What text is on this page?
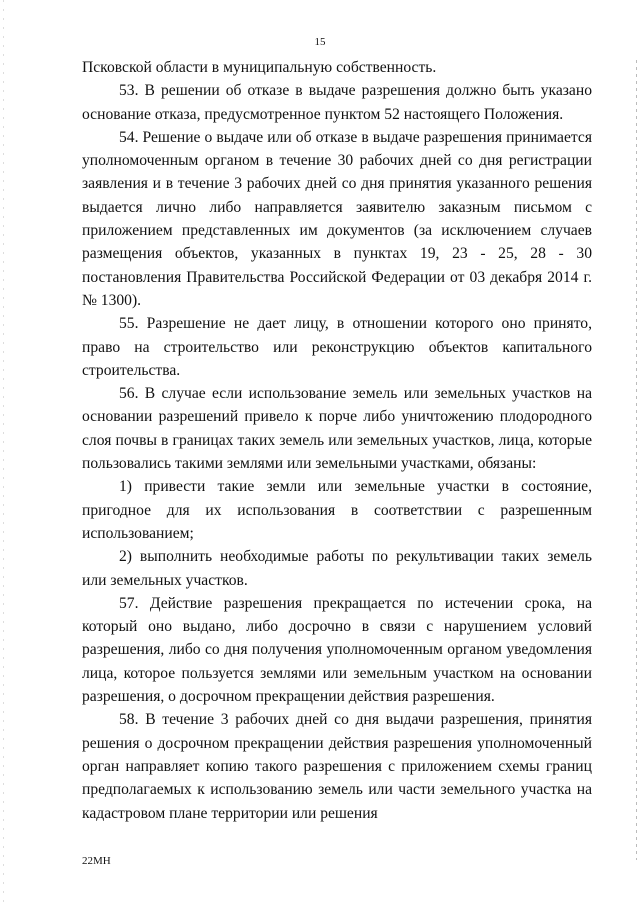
15

Псковской области в муниципальную собственность.

53. В решении об отказе в выдаче разрешения должно быть указано основание отказа, предусмотренное пунктом 52 настоящего Положения.

54. Решение о выдаче или об отказе в выдаче разрешения принимается уполномоченным органом в течение 30 рабочих дней со дня регистрации заявления и в течение 3 рабочих дней со дня принятия указанного решения выдается лично либо направляется заявителю заказным письмом с приложением представленных им документов (за исключением случаев размещения объектов, указанных в пунктах 19, 23 - 25, 28 - 30 постановления Правительства Российской Федерации от 03 декабря 2014 г. № 1300).

55. Разрешение не дает лицу, в отношении которого оно принято, право на строительство или реконструкцию объектов капитального строительства.

56. В случае если использование земель или земельных участков на основании разрешений привело к порче либо уничтожению плодородного слоя почвы в границах таких земель или земельных участков, лица, которые пользовались такими землями или земельными участками, обязаны:

1) привести такие земли или земельные участки в состояние, пригодное для их использования в соответствии с разрешенным использованием;

2) выполнить необходимые работы по рекультивации таких земель или земельных участков.

57. Действие разрешения прекращается по истечении срока, на который оно выдано, либо досрочно в связи с нарушением условий разрешения, либо со дня получения уполномоченным органом уведомления лица, которое пользуется землями или земельным участком на основании разрешения, о досрочном прекращении действия разрешения.

58. В течение 3 рабочих дней со дня выдачи разрешения, принятия решения о досрочном прекращении действия разрешения уполномоченный орган направляет копию такого разрешения с приложением схемы границ предполагаемых к использованию земель или части земельного участка на кадастровом плане территории или решения

22МН
